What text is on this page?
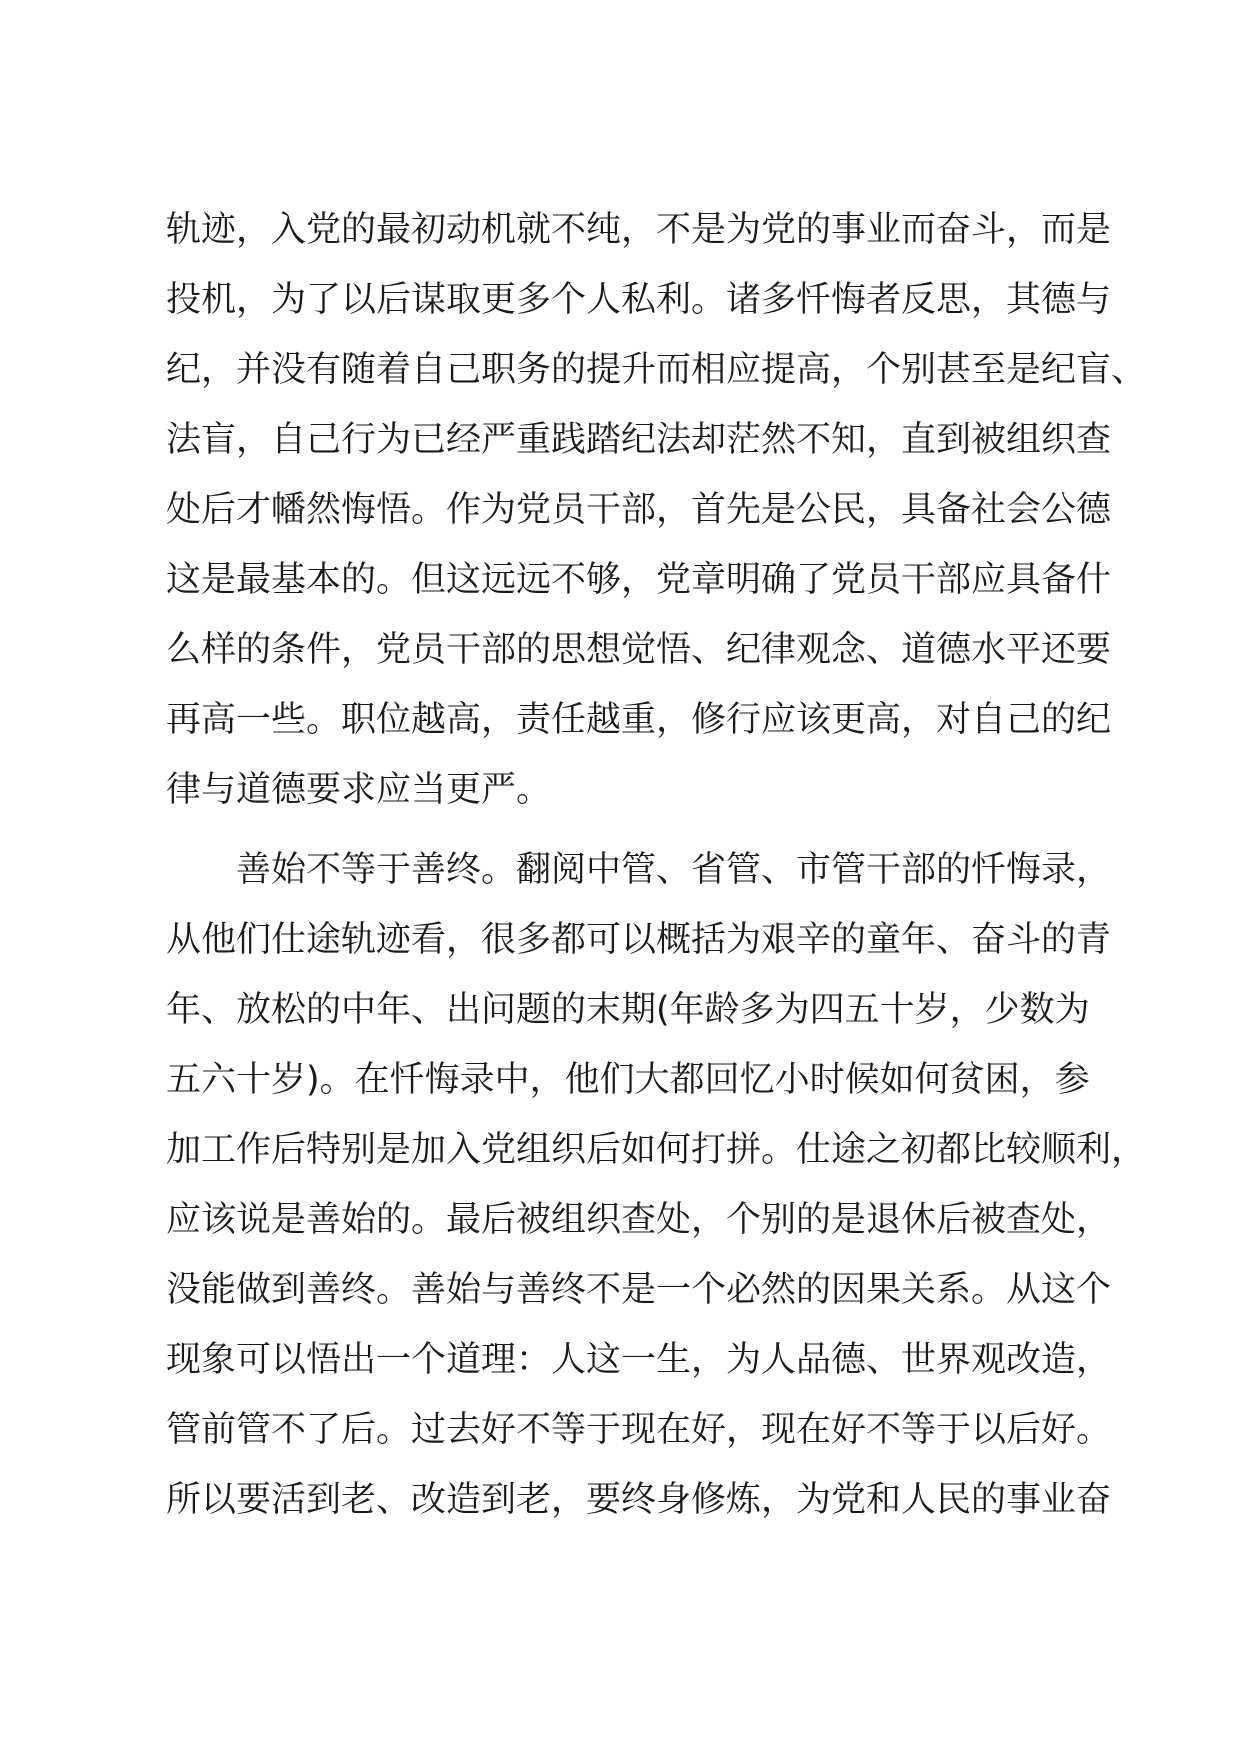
轨迹，入党的最初动机就不纯，不是为党的事业而奋斗，而是
投机，为了以后谋取更多个人私利。诸多忏悔者反思，其德与
纪，并没有随着自己职务的提升而相应提高，个别甚至是纪盲、
法盲，自己行为已经严重践踏纪法却茫然不知，直到被组织查
处后才幡然悔悟。作为党员干部，首先是公民，具备社会公德
这是最基本的。但这远远不够，党章明确了党员干部应具备什
么样的条件，党员干部的思想觉悟、纪律观念、道德水平还要
再高一些。职位越高，责任越重，修行应该更高，对自己的纪
律与道德要求应当更严。
善始不等于善终。翻阅中管、省管、市管干部的忏悔录，
从他们仕途轨迹看，很多都可以概括为艰辛的童年、奋斗的青
年、放松的中年、出问题的末期(年龄多为四五十岁，少数为
五六十岁)。在忏悔录中，他们大都回忆小时候如何贫困，参
加工作后特别是加入党组织后如何打拼。仕途之初都比较顺利，
应该说是善始的。最后被组织查处，个别的是退休后被查处，
没能做到善终。善始与善终不是一个必然的因果关系。从这个
现象可以悟出一个道理：人这一生，为人品德、世界观改造，
管前管不了后。过去好不等于现在好，现在好不等于以后好。
所以要活到老、改造到老，要终身修炼，为党和人民的事业奋
